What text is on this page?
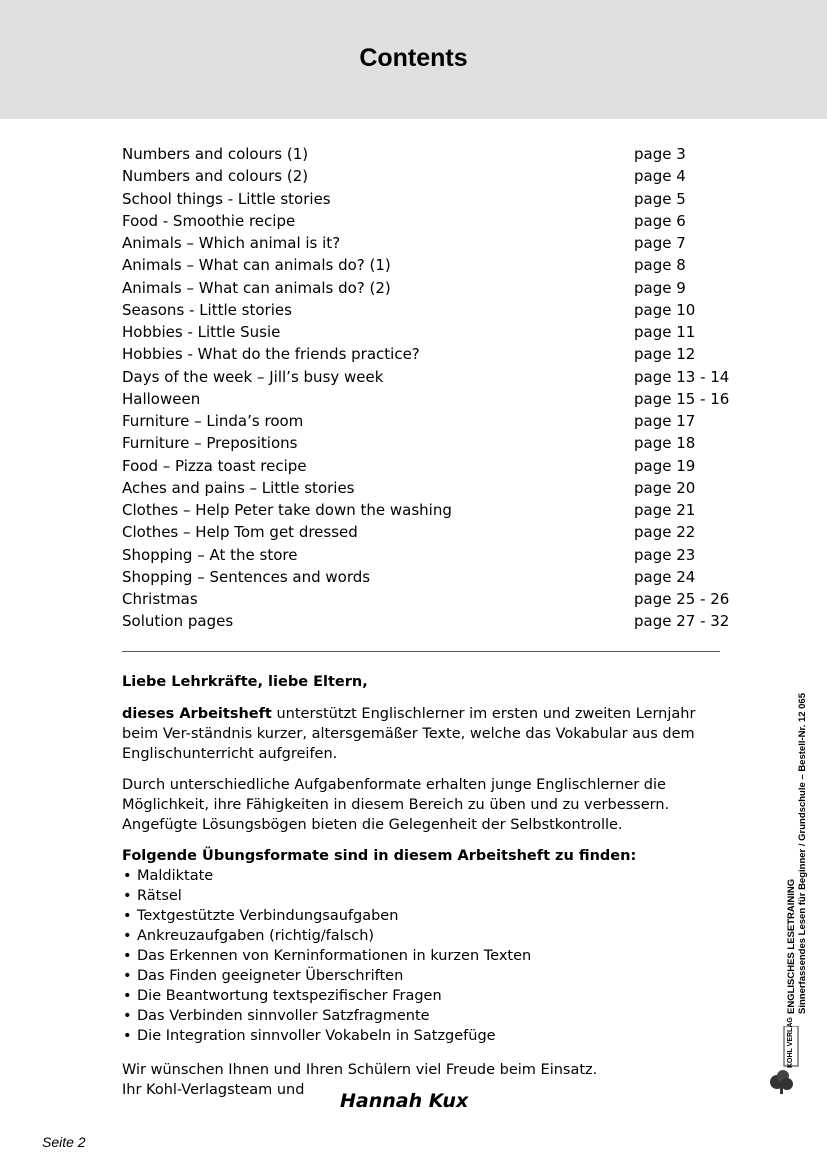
Contents
Numbers and colours (1)	page 3
Numbers and colours (2)	page 4
School things - Little stories	page 5
Food - Smoothie recipe	page 6
Animals – Which animal is it?	page 7
Animals – What can animals do? (1)	page 8
Animals – What can animals do? (2)	page 9
Seasons - Little stories	page 10
Hobbies - Little Susie	page 11
Hobbies - What do the friends practice?	page 12
Days of the week – Jill’s busy week	page 13 - 14
Halloween	page 15 - 16
Furniture – Linda’s room	page 17
Furniture – Prepositions	page 18
Food – Pizza toast recipe	page 19
Aches and pains – Little stories	page 20
Clothes – Help Peter take down the washing	page 21
Clothes – Help Tom get dressed	page 22
Shopping – At the store	page 23
Shopping – Sentences and words	page 24
Christmas	page 25 - 26
Solution pages	page 27 - 32

Liebe Lehrkräfte, liebe Eltern,

dieses Arbeitsheft unterstützt Englischlerner im ersten und zweiten Lernjahr beim Ver-ständnis kurzer, altersgemäßer Texte, welche das Vokabular aus dem Englischunterricht aufgreifen.

Durch unterschiedliche Aufgabenformate erhalten junge Englischlerner die Möglichkeit, ihre Fähigkeiten in diesem Bereich zu üben und zu verbessern. Angefügte Lösungsbögen bieten die Gelegenheit der Selbstkontrolle.

Folgende Übungsformate sind in diesem Arbeitsheft zu finden:

• Maldiktate
• Rätsel
• Textgestützte Verbindungsaufgaben
• Ankreuzaufgaben (richtig/falsch)
• Das Erkennen von Kerninformationen in kurzen Texten
• Das Finden geeigneter Überschriften
• Die Beantwortung textspezifischer Fragen
• Das Verbinden sinnvoller Satzfragmente
• Die Integration sinnvoller Vokabeln in Satzgefüge

Wir wünschen Ihnen und Ihren Schülern viel Freude beim Einsatz.

Ihr Kohl-Verlagsteam und	Hannah Kux
Seite 2
ENGLISCHES LESETRAINING Sinnerfassendes Lesen für Beginner / Grundschule – Bestell-Nr. 12 065
KOHL VERLAG
